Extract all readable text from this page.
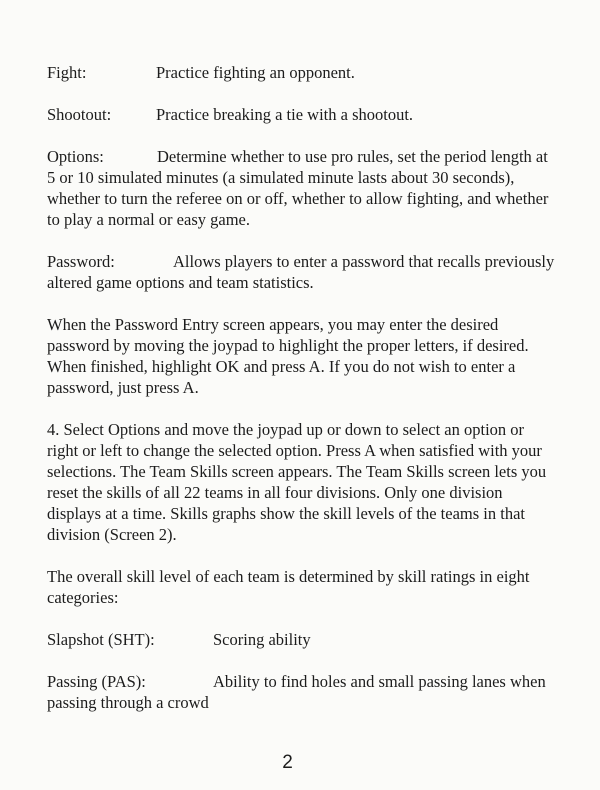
Fight:	Practice fighting an opponent.

Shootout:	Practice breaking a tie with a shootout.

Options:	Determine whether to use pro rules, set the period length at 5 or 10 simulated minutes (a simulated minute lasts about 30 seconds), whether to turn the referee on or off, whether to allow fighting, and whether to play a normal or easy game.

Password:	Allows players to enter a password that recalls previously altered game options and team statistics.

When the Password Entry screen appears, you may enter the desired password by moving the joypad to highlight the proper letters, if desired. When finished, highlight OK and press A. If you do not wish to enter a password, just press A.

4. Select Options and move the joypad up or down to select an option or right or left to change the selected option. Press A when satisfied with your selections. The Team Skills screen appears. The Team Skills screen lets you reset the skills of all 22 teams in all four divisions. Only one division displays at a time. Skills graphs show the skill levels of the teams in that division (Screen 2).

The overall skill level of each team is determined by skill ratings in eight categories:

Slapshot (SHT):	Scoring ability

Passing (PAS):	Ability to find holes and small passing lanes when passing through a crowd

2
